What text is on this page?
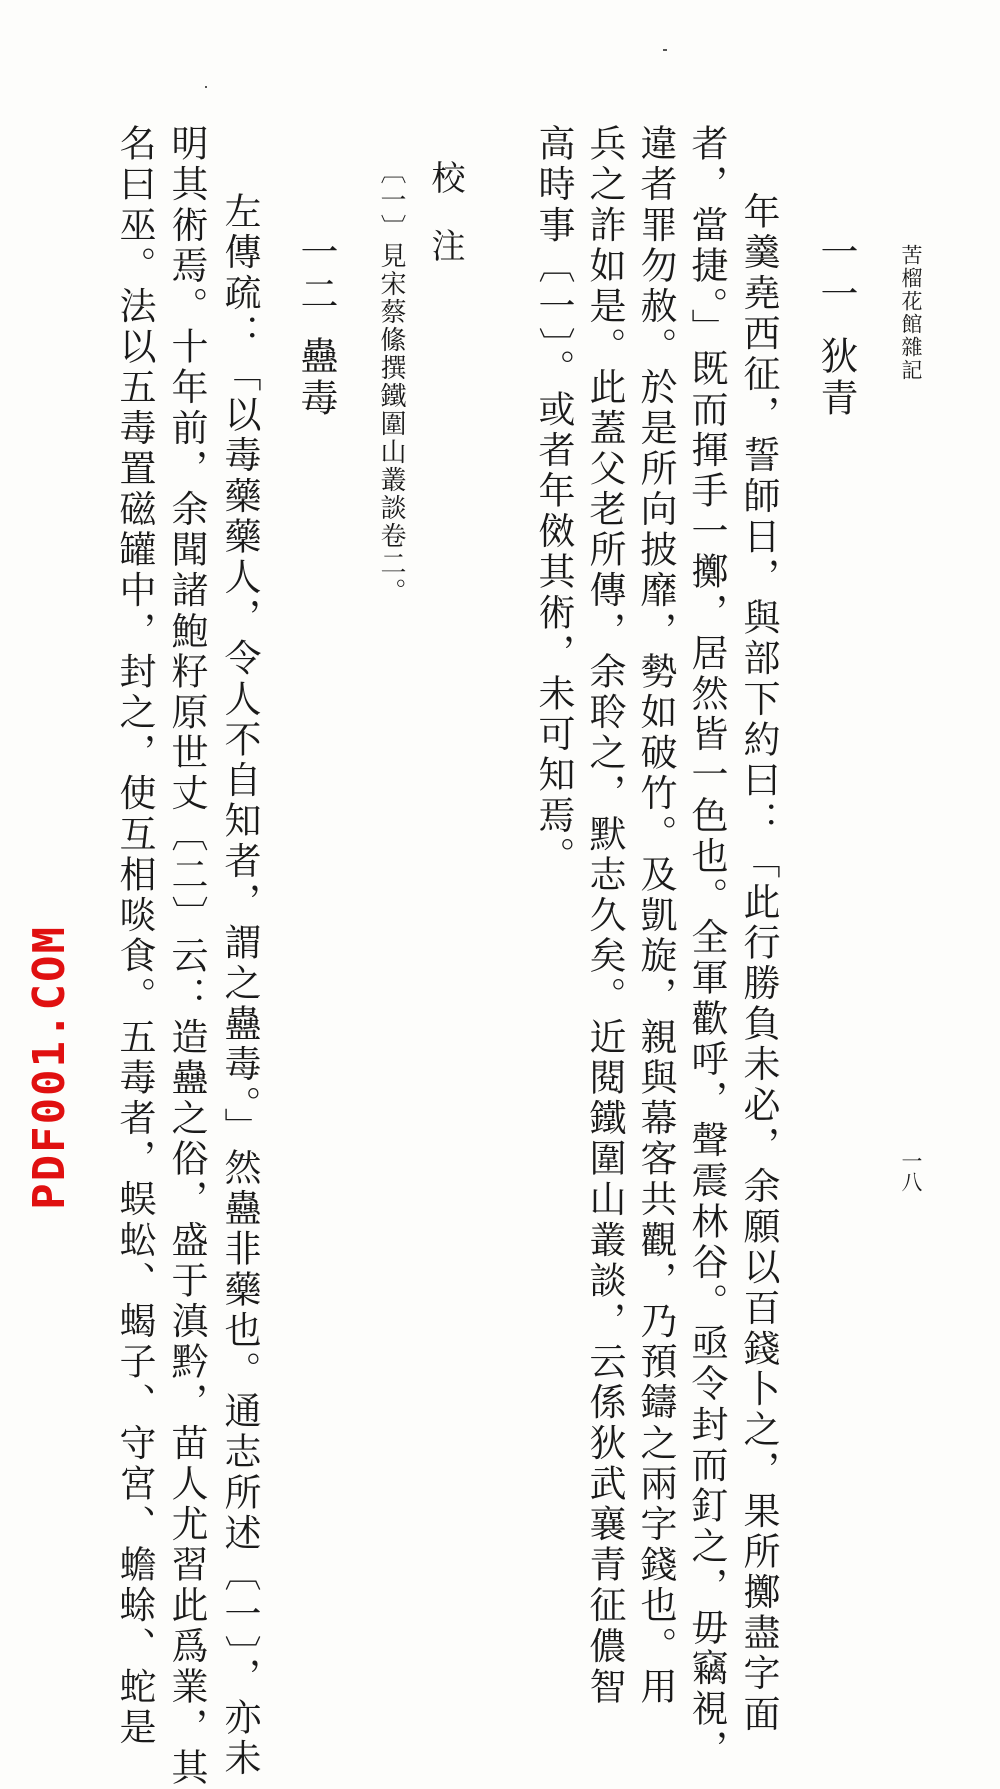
苦榴花館雜記
一八
一一
狄青
年羹堯西征，誓師日，與部下約曰：「此行勝負未必，余願以百錢卜之，果所擲盡字面
者，當捷。」既而揮手一擲，居然皆一色也。全軍歡呼，聲震林谷。亟令封而釘之，毋竊視，
違者罪勿赦。於是所向披靡，勢如破竹。及凱旋，親與幕客共觀，乃預鑄之兩字錢也。用
兵之詐如是。此蓋父老所傳，余聆之，默志久矣。近閱鐵圍山叢談，云係狄武襄青征儂智
高時事〔一〕。或者年傚其術，未可知焉。
校　注
〔一〕見宋蔡絛撰鐵圍山叢談卷二。
一二
蠱毒
左傳疏：「以毒藥藥人，令人不自知者，謂之蠱毒。」然蠱非藥也。通志所述〔一〕，亦未
明其術焉。十年前，余聞諸鮑籽原世丈〔二〕云：造蠱之俗，盛于滇黔，苗人尤習此爲業，其
名曰巫。法以五毒置磁罐中，封之，使互相啖食。五毒者，蜈蚣、蝎子、守宮、蟾蜍、蛇是
PDF001.COM
